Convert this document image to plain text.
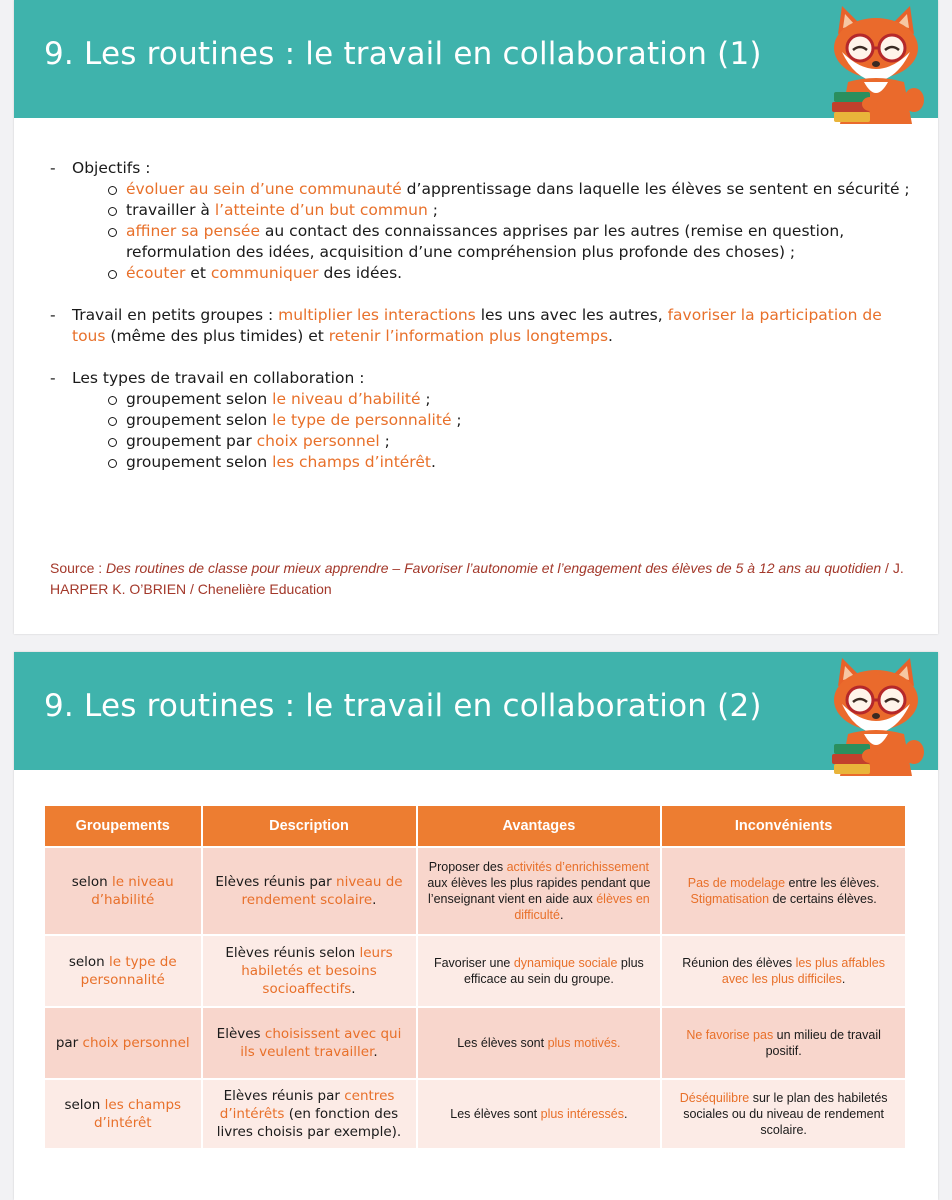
9. Les routines : le travail en collaboration (1)
- Objectifs :
évoluer au sein d’une communauté d’apprentissage dans laquelle les élèves se sentent en sécurité ;
travailler à l’atteinte d’un but commun ;
affiner sa pensée au contact des connaissances apprises par les autres (remise en question, reformulation des idées, acquisition d’une compréhension plus profonde des choses) ;
écouter et communiquer des idées.
- Travail en petits groupes : multiplier les interactions les uns avec les autres, favoriser la participation de tous (même des plus timides) et retenir l’information plus longtemps.
- Les types de travail en collaboration :
groupement selon le niveau d’habilité ;
groupement selon le type de personnalité ;
groupement par choix personnel ;
groupement selon les champs d’intérêt.
Source : Des routines de classe pour mieux apprendre – Favoriser l’autonomie et l’engagement des élèves de 5 à 12 ans au quotidien / J. HARPER K. O’BRIEN / Chenelière Education
9. Les routines : le travail en collaboration (2)
Groupements	Description	Avantages	Inconvénients
selon le niveau d’habilité	Elèves réunis par niveau de rendement scolaire.	Proposer des activités d’enrichissement aux élèves les plus rapides pendant que l’enseignant vient en aide aux élèves en difficulté.	Pas de modelage entre les élèves. Stigmatisation de certains élèves.
selon le type de personnalité	Elèves réunis selon leurs habiletés et besoins socioaffectifs.	Favoriser une dynamique sociale plus efficace au sein du groupe.	Réunion des élèves les plus affables avec les plus difficiles.
par choix personnel	Elèves choisissent avec qui ils veulent travailler.	Les élèves sont plus motivés.	Ne favorise pas un milieu de travail positif.
selon les champs d’intérêt	Elèves réunis par centres d’intérêts (en fonction des livres choisis par exemple).	Les élèves sont plus intéressés.	Déséquilibre sur le plan des habiletés sociales ou du niveau de rendement scolaire.
